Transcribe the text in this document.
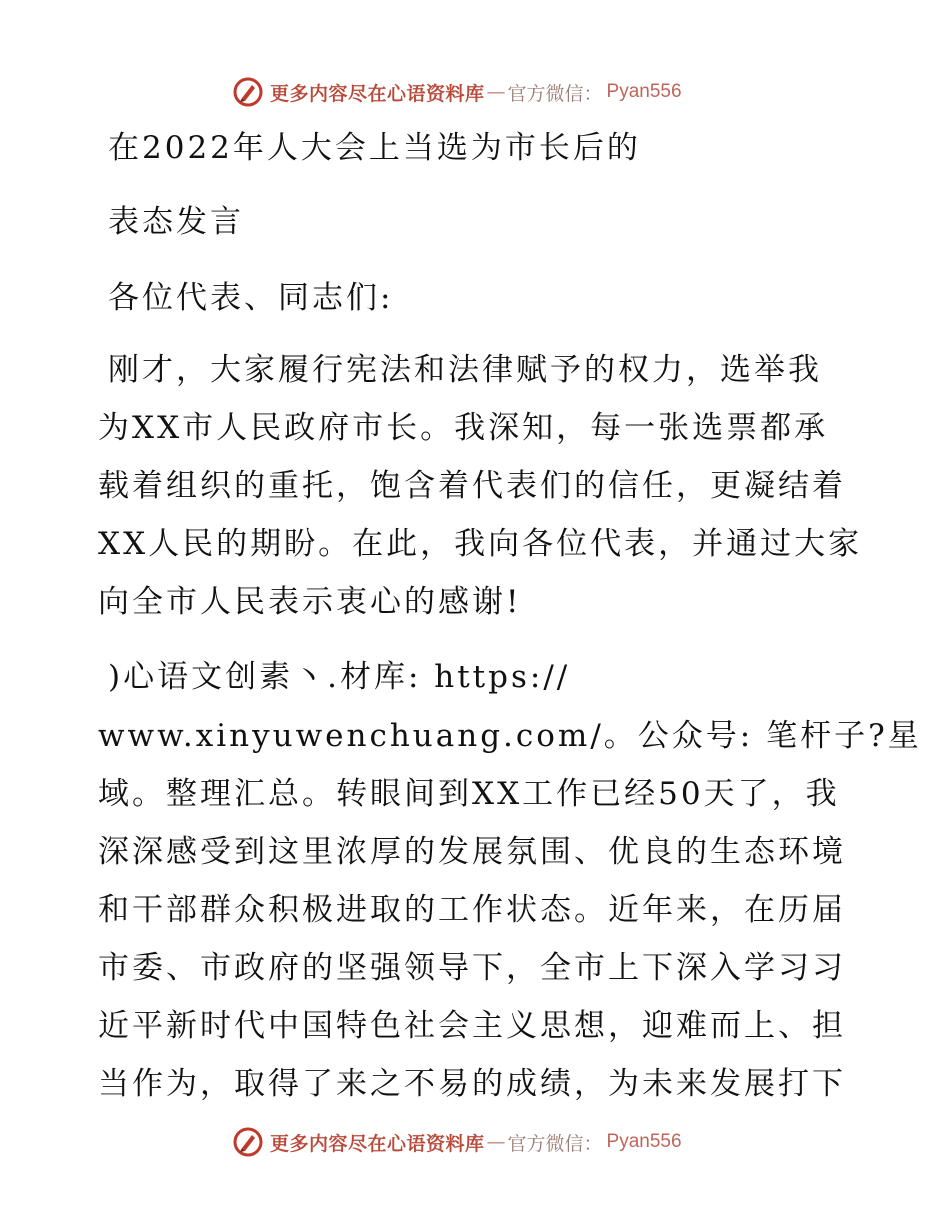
更多内容尽在心语资料库 — 官方微信： Pyan556
在2022年人大会上当选为市长后的
表态发言
各位代表、同志们:
刚才，大家履行宪法和法律赋予的权力，选举我
为XX市人民政府市长。我深知，每一张选票都承
载着组织的重托，饱含着代表们的信任，更凝结着
XX人民的期盼。在此，我向各位代表，并通过大家
向全市人民表示衷心的感谢!
)心语文创素丶.材库: https://
www.xinyuwenchuang.com/。公众号: 笔杆子?星
域。整理汇总。转眼间到XX工作已经50天了，我
深深感受到这里浓厚的发展氛围、优良的生态环境
和干部群众积极进取的工作状态。近年来，在历届
市委、市政府的坚强领导下，全市上下深入学习习
近平新时代中国特色社会主义思想，迎难而上、担
当作为，取得了来之不易的成绩，为未来发展打下
更多内容尽在心语资料库 — 官方微信： Pyan556
